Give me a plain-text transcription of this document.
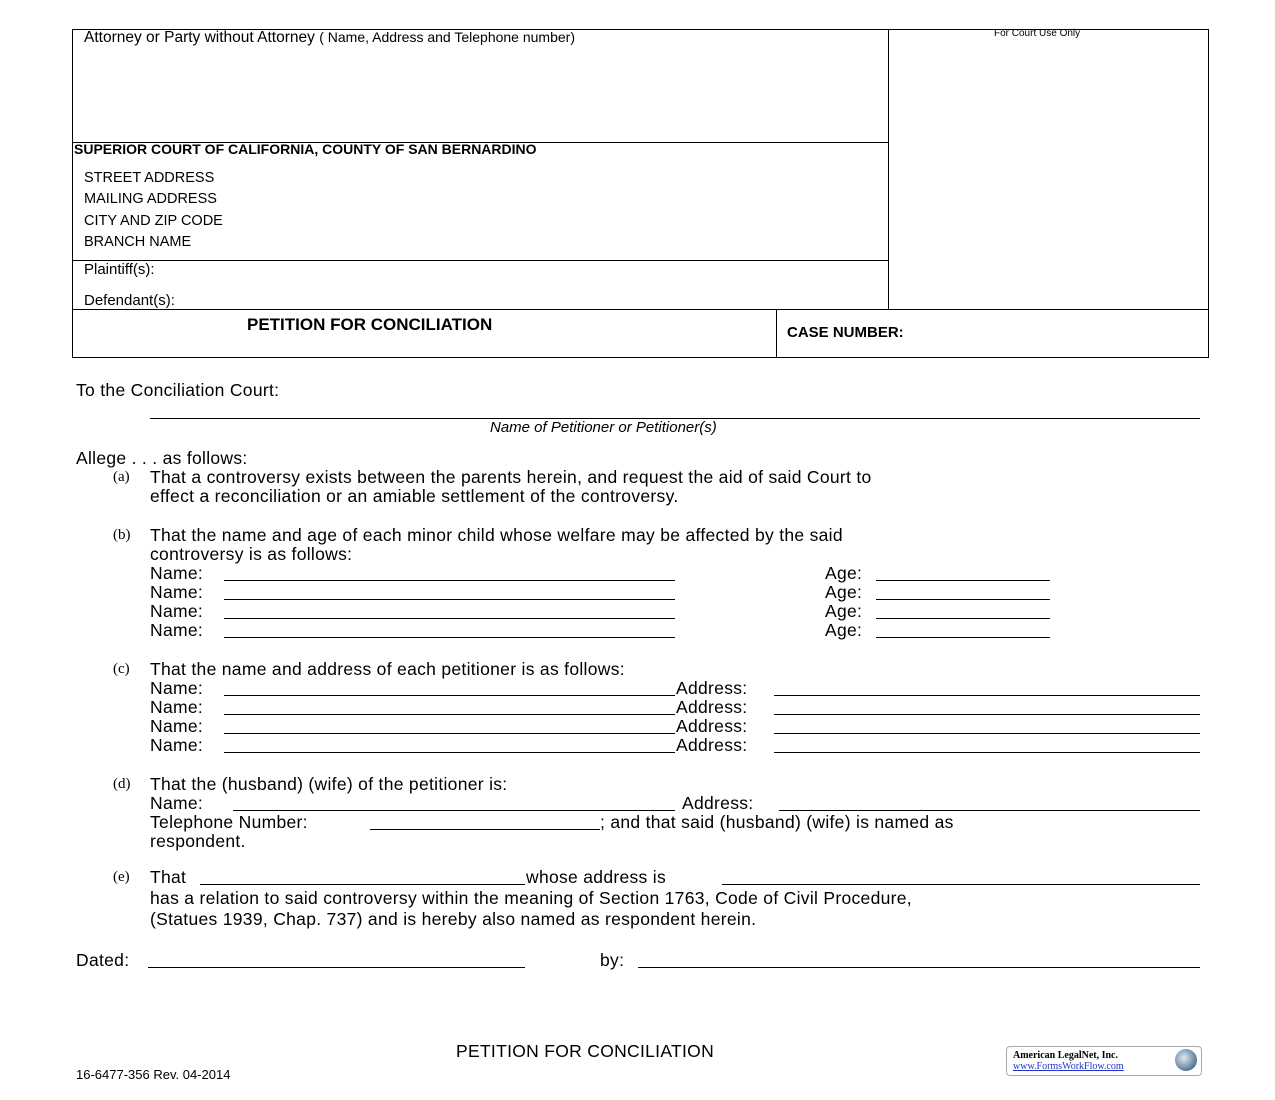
Attorney or Party without Attorney ( Name, Address and Telephone number)	For Court Use Only
SUPERIOR COURT OF CALIFORNIA, COUNTY OF SAN BERNARDINO
STREET ADDRESS
MAILING ADDRESS
CITY AND ZIP CODE
BRANCH NAME
Plaintiff(s):
Defendant(s):
PETITION FOR CONCILIATION	CASE NUMBER:
To the Conciliation Court:
Name of Petitioner or Petitioner(s)
Allege . . . as follows:
(a) That a controversy exists between the parents herein, and request the aid of said Court to
effect a reconciliation or an amiable settlement of the controversy.
(b) That the name and age of each minor child whose welfare may be affected by the said
controversy is as follows:
Name:	Age:
Name:	Age:
Name:	Age:
Name:	Age:
(c) That the name and address of each petitioner is as follows:
Name:	Address:
Name:	Address:
Name:	Address:
Name:	Address:
(d) That the (husband) (wife) of the petitioner is:
Name:	Address:
Telephone Number:	; and that said (husband) (wife) is named as
respondent.
(e) That	whose address is
has a relation to said controversy within the meaning of Section 1763, Code of Civil Procedure,
(Statues 1939, Chap. 737) and is hereby also named as respondent herein.
Dated:	by:
PETITION FOR CONCILIATION
16-6477-356 Rev. 04-2014
American LegalNet, Inc.
www.FormsWorkFlow.com
